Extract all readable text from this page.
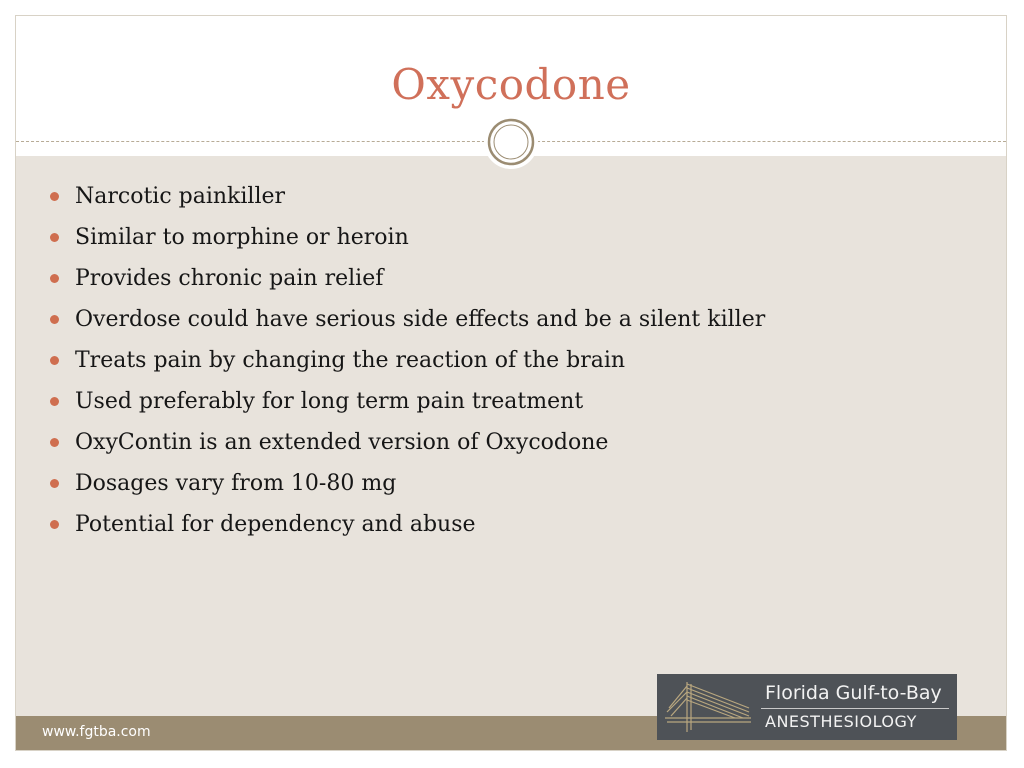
Oxycodone
Narcotic painkiller
Similar to morphine or heroin
Provides chronic pain relief
Overdose could have serious side effects and be a silent killer
Treats pain by changing the reaction of the brain
Used preferably for long term pain treatment
OxyContin is an extended version of Oxycodone
Dosages vary from 10-80 mg
Potential for dependency and abuse
www.fgtba.com
Florida Gulf-to-Bay
ANESTHESIOLOGY
